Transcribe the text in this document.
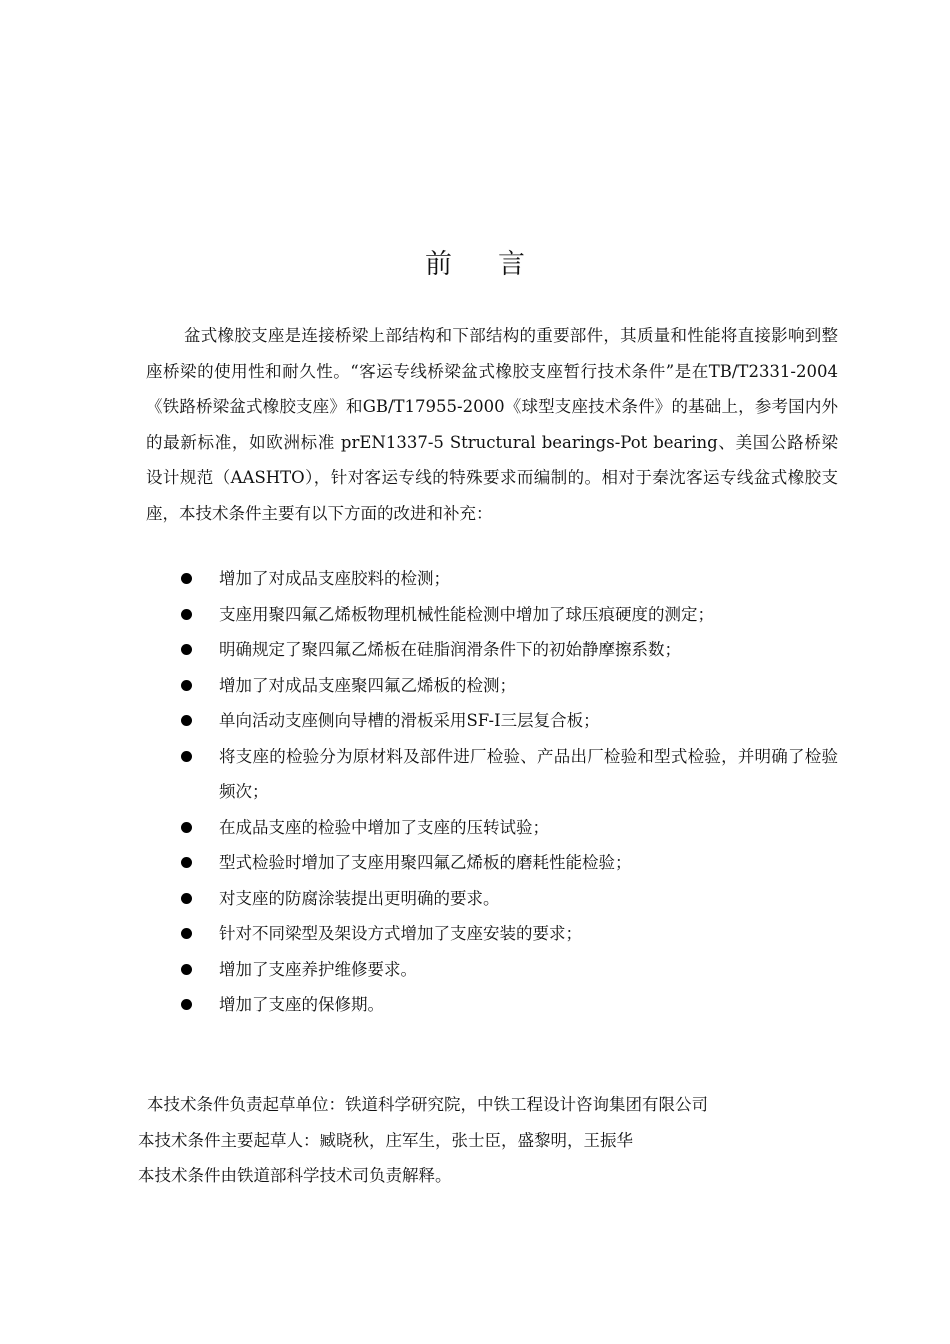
前言

盆式橡胶支座是连接桥梁上部结构和下部结构的重要部件，其质量和性能将直接影响到整座桥梁的使用性和耐久性。“客运专线桥梁盆式橡胶支座暂行技术条件”是在TB/T2331-2004《铁路桥梁盆式橡胶支座》和GB/T17955-2000《球型支座技术条件》的基础上，参考国内外的最新标准，如欧洲标准 prEN1337-5 Structural bearings-Pot bearing、美国公路桥梁设计规范（AASHTO），针对客运专线的特殊要求而编制的。相对于秦沈客运专线盆式橡胶支座，本技术条件主要有以下方面的改进和补充：

增加了对成品支座胶料的检测；
支座用聚四氟乙烯板物理机械性能检测中增加了球压痕硬度的测定；
明确规定了聚四氟乙烯板在硅脂润滑条件下的初始静摩擦系数；
增加了对成品支座聚四氟乙烯板的检测；
单向活动支座侧向导槽的滑板采用SF-I三层复合板；
将支座的检验分为原材料及部件进厂检验、产品出厂检验和型式检验，并明确了检验频次；
在成品支座的检验中增加了支座的压转试验；
型式检验时增加了支座用聚四氟乙烯板的磨耗性能检验；
对支座的防腐涂装提出更明确的要求。
针对不同梁型及架设方式增加了支座安装的要求；
增加了支座养护维修要求。
增加了支座的保修期。
本技术条件负责起草单位：铁道科学研究院，中铁工程设计咨询集团有限公司
本技术条件主要起草人：臧晓秋，庄军生，张士臣，盛黎明，王振华
本技术条件由铁道部科学技术司负责解释。
